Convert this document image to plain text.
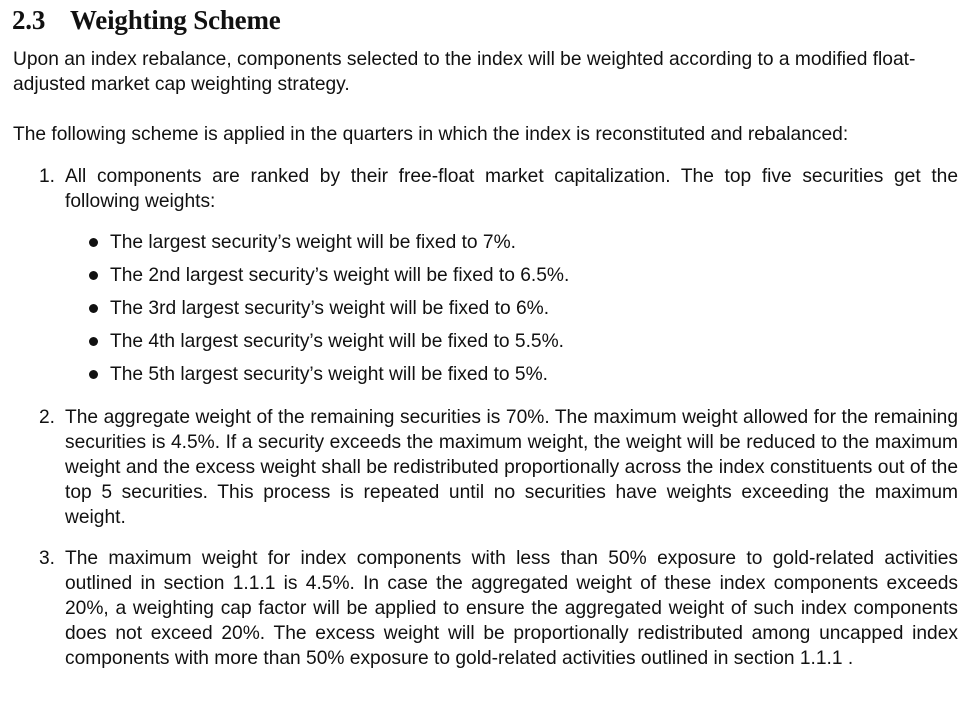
2.3 Weighting Scheme

Upon an index rebalance, components selected to the index will be weighted according to a modified float-adjusted market cap weighting strategy.

The following scheme is applied in the quarters in which the index is reconstituted and rebalanced:

1. All components are ranked by their free-float market capitalization. The top five securities get the following weights:
The largest security’s weight will be fixed to 7%.
The 2nd largest security’s weight will be fixed to 6.5%.
The 3rd largest security’s weight will be fixed to 6%.
The 4th largest security’s weight will be fixed to 5.5%.
The 5th largest security’s weight will be fixed to 5%.
2. The aggregate weight of the remaining securities is 70%. The maximum weight allowed for the remaining securities is 4.5%. If a security exceeds the maximum weight, the weight will be reduced to the maximum weight and the excess weight shall be redistributed proportionally across the index constituents out of the top 5 securities. This process is repeated until no securities have weights exceeding the maximum weight.
3. The maximum weight for index components with less than 50% exposure to gold-related activities outlined in section 1.1.1 is 4.5%. In case the aggregated weight of these index components exceeds 20%, a weighting cap factor will be applied to ensure the aggregated weight of such index components does not exceed 20%. The excess weight will be proportionally redistributed among uncapped index components with more than 50% exposure to gold-related activities outlined in section 1.1.1 .
